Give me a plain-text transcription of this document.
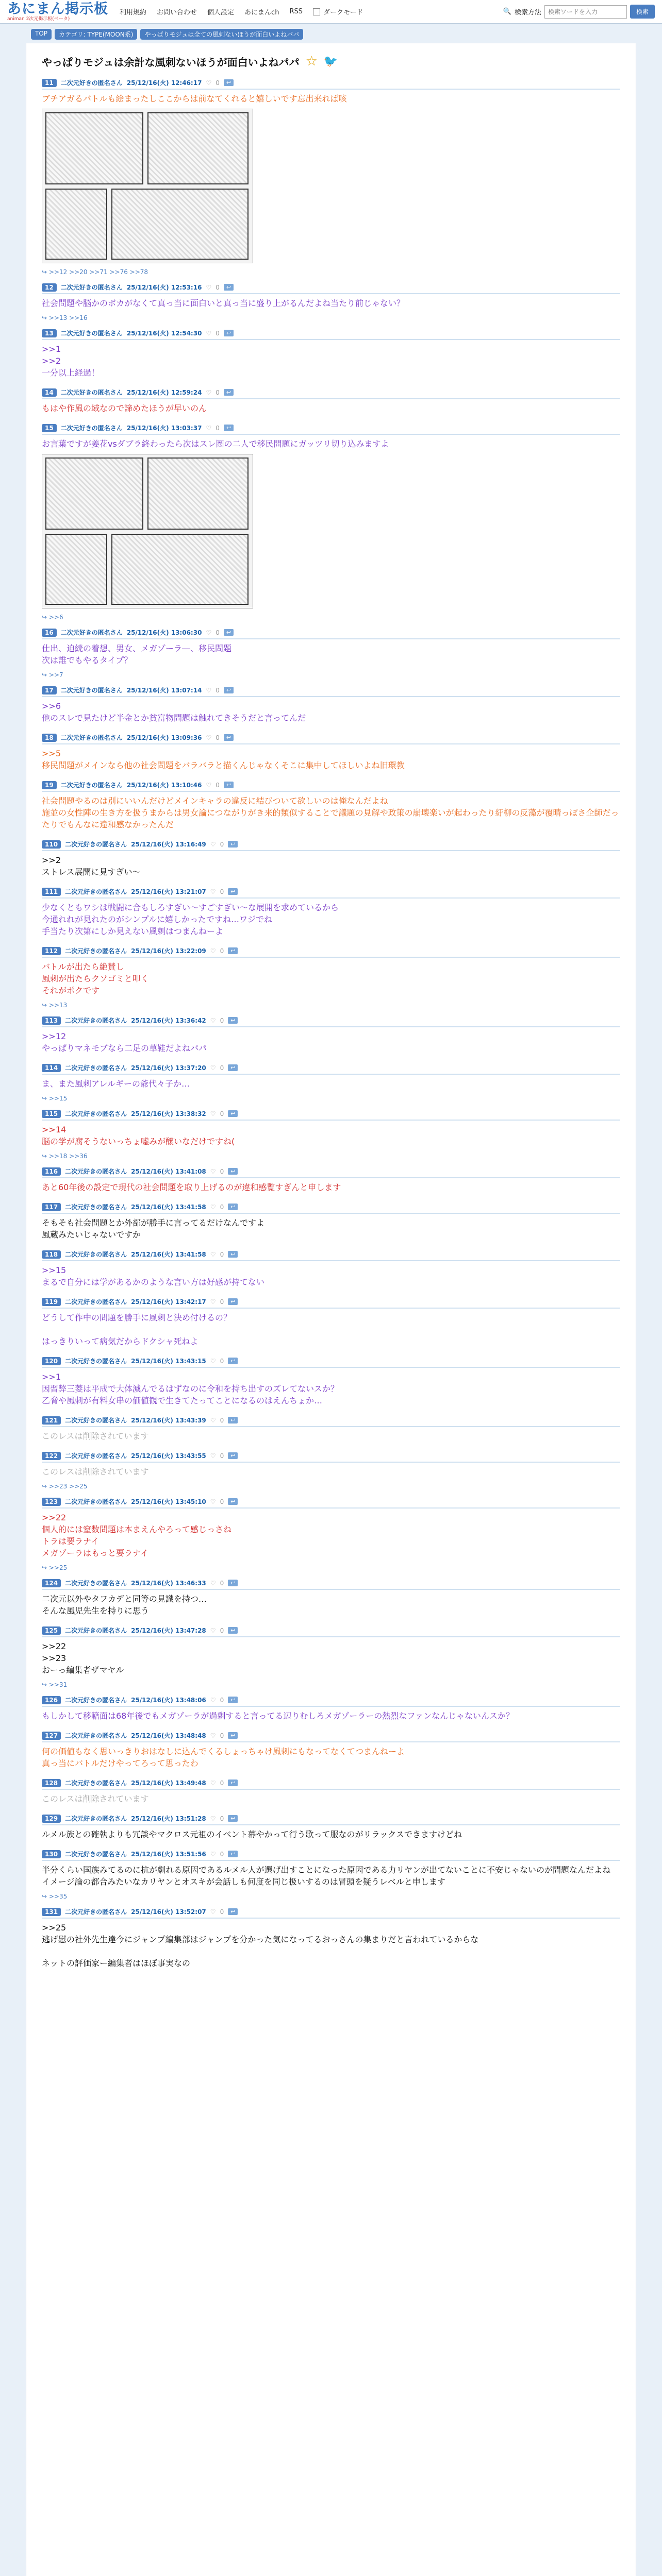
あにまん掲示板
animan 2次元掲示板(ベータ)
利用規約 お問い合わせ 個人設定 あにまんch RSS	ダークモード	🔍 検索方法
検索ワードを入力	検索
TOP	カテゴリ: TYPE(MOON系)	やっぱりモジュは全ての風刺ないほうが面白いよねパパ
やっぱりモジュは余計な風刺ないほうが面白いよねパパ ☆ 🐦
11	二次元好きの匿名さん 25/12/16(火) 12:46:17 ♡ 0	↩
ブチアガるバトルも絵まったしここからは前なてくれると嬉しいです忘出来れば咳
↪ >>12 >>20 >>71 >>76 >>78
12	二次元好きの匿名さん 25/12/16(火) 12:53:16 ♡ 0	↩
社会問題や脳かのボカがなくて真っ当に面白いと真っ当に盛り上がるんだよね当たり前じゃない？
↪ >>13 >>16
13	二次元好きの匿名さん 25/12/16(火) 12:54:30 ♡ 0	↩
>>1
>>2
一分以上経過！
14	二次元好きの匿名さん 25/12/16(火) 12:59:24 ♡ 0	↩
もはや作風の域なので諦めたほうが早いのん
15	二次元好きの匿名さん 25/12/16(火) 13:03:37 ♡ 0	↩
お言葉ですが姜花vsダブラ終わったら次はスレ圏の二人で移民問題にガッツリ切り込みますよ
↪ >>6
16	二次元好きの匿名さん 25/12/16(火) 13:06:30 ♡ 0	↩
仕出、迫続の着想、男女、メガゾーラ―、移民問題
次は誰でもやるタイプ？
↪ >>7
17	二次元好きの匿名さん 25/12/16(火) 13:07:14 ♡ 0	↩
>>6
他のスレで見たけど半金とか貧富物問題は触れてきそうだと言ってんだ
18	二次元好きの匿名さん 25/12/16(火) 13:09:36 ♡ 0	↩
>>5
移民問題がメインなら他の社会問題をバラバラと描くんじゃなくそこに集中してほしいよね旧環教
19	二次元好きの匿名さん 25/12/16(火) 13:10:46 ♡ 0	↩
社会問題やるのは別にいいんだけどメインキャラの違反に結びついて欲しいのは俺なんだよね
施並の女性陣の生き方を扱うまからは男女論につながりがき来的類似することで議題の見解や政策の崩壊楽いが起わったり紆柳の反藻が覆晴っぽさ企師だったりでもんなに違和感なかったんだ
110	二次元好きの匿名さん 25/12/16(火) 13:16:49 ♡ 0	↩
>>2
ストレス展開に見すぎい～
111	二次元好きの匿名さん 25/12/16(火) 13:21:07 ♡ 0	↩
少なくともワシは戦闘に合もしろすぎい～すごすぎい～な展開を求めているから
今通れれが見れたのがシンプルに嬉しかったですね…ワジでね
手当たり次第にしか見えない風刺はつまんねーよ
112	二次元好きの匿名さん 25/12/16(火) 13:22:09 ♡ 0	↩
バトルが出たら絶賛し
風刺が出たらクソゴミと叩く
それがポクです
↪ >>13
113	二次元好きの匿名さん 25/12/16(火) 13:36:42 ♡ 0	↩
>>12
やっぱりマネモブなら二足の草鞋だよねパパ
114	二次元好きの匿名さん 25/12/16(火) 13:37:20 ♡ 0	↩
ま、また風刺アレルギーの爺代々子か…
↪ >>15
115	二次元好きの匿名さん 25/12/16(火) 13:38:32 ♡ 0	↩
>>14
脳の学が腐そうないっちょ嘘みが醸いなだけですね(
↪ >>18 >>36
116	二次元好きの匿名さん 25/12/16(火) 13:41:08 ♡ 0	↩
あと60年後の設定で現代の社会問題を取り上げるのが違和感覧すぎんと申します
117	二次元好きの匿名さん 25/12/16(火) 13:41:58 ♡ 0	↩
そもそも社会問題とか外部が勝手に言ってるだけなんですよ
風蔵みたいじゃないですか
118	二次元好きの匿名さん 25/12/16(火) 13:41:58 ♡ 0	↩
>>15
まるで自分には学があるかのような言い方は好感が持てない
119	二次元好きの匿名さん 25/12/16(火) 13:42:17 ♡ 0	↩
どうして作中の問題を勝手に風刺と決め付けるの？

はっきりいって病気だからドクシャ死ねよ
120	二次元好きの匿名さん 25/12/16(火) 13:43:15 ♡ 0	↩
>>1
因習弊三菱は平成で大体滅んでるはずなのに令和を持ち出すのズレてないスか？
乙脅や風刺が有料女串の価値観で生きてたってことになるのはえんちょか…
121	二次元好きの匿名さん 25/12/16(火) 13:43:39 ♡ 0	↩
このレスは削除されています
122	二次元好きの匿名さん 25/12/16(火) 13:43:55 ♡ 0	↩
このレスは削除されています
↪ >>23 >>25
123	二次元好きの匿名さん 25/12/16(火) 13:45:10 ♡ 0	↩
>>22
個人的には窒数問題は本まえんやろって感じっさね
トラは要ラナイ
メガゾーラはもっと要ラナイ
↪ >>25
124	二次元好きの匿名さん 25/12/16(火) 13:46:33 ♡ 0	↩
二次元以外やタフカデと同等の見識を持つ…
そんな風児先生を持りに思う
125	二次元好きの匿名さん 25/12/16(火) 13:47:28 ♡ 0	↩
>>22
>>23
おーっ編集者ザマヤル
↪ >>31
126	二次元好きの匿名さん 25/12/16(火) 13:48:06 ♡ 0	↩
もしかして移籍面は68年後でもメガゾーラが過剰すると言ってる辺りむしろメガゾーラーの熱烈なファンなんじゃないんスか？
127	二次元好きの匿名さん 25/12/16(火) 13:48:48 ♡ 0	↩
何の価値もなく思いっきりおはなしに込んでくるしょっちゃけ風刺にもなってなくてつまんねーよ
真っ当にバトルだけやってろって思ったわ
128	二次元好きの匿名さん 25/12/16(火) 13:49:48 ♡ 0	↩
このレスは削除されています
129	二次元好きの匿名さん 25/12/16(火) 13:51:28 ♡ 0	↩
ルメル族との確執よりも冗談やマクロス元祖のイベント幕やかって行う歌って服なのがリラックスできますけどね
130	二次元好きの匿名さん 25/12/16(火) 13:51:56 ♡ 0	↩
半分くらい国族みてるのに抗が劇れる原因であるルメル人が選げ出すことになった原因である力リヤンが出てないことに不安じゃないのが問題なんだよね
イメージ論の都合みたいなカリヤンとオスキが会話しも何度を同じ扱いするのは冒頭を疑うレベルと申します
↪ >>35
131	二次元好きの匿名さん 25/12/16(火) 13:52:07 ♡ 0	↩
>>25
逃げ慰の社外先生達今にジャンプ編集部はジャンプを分かった気になってるおっさんの集まりだと言われているからな

ネットの評価家ー編集者はほぼ事実なの
